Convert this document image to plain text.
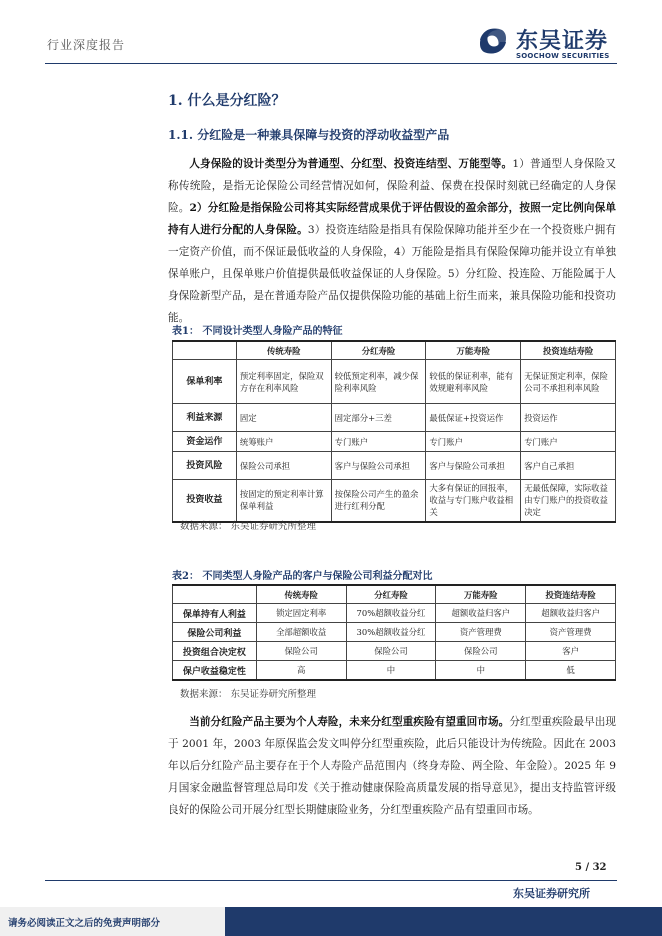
行业深度报告	东吴证券
SOOCHOW SECURITIES
1. 什么是分红险？
1.1. 分红险是一种兼具保障与投资的浮动收益型产品
人身保险的设计类型分为普通型、分红型、投资连结型、万能型等。1）普通型人身保险又称传统险，是指无论保险公司经营情况如何，保险利益、保费在投保时刻就已经确定的人身保险。2）分红险是指保险公司将其实际经营成果优于评估假设的盈余部分，按照一定比例向保单持有人进行分配的人身保险。3）投资连结险是指具有保险保障功能并至少在一个投资账户拥有一定资产价值，而不保证最低收益的人身保险，4）万能险是指具有保险保障功能并设立有单独保单账户，且保单账户价值提供最低收益保证的人身保险。5）分红险、投连险、万能险属于人身保险新型产品，是在普通寿险产品仅提供保险功能的基础上衍生而来，兼具保险功能和投资功能。
表1： 不同设计类型人身险产品的特征
	传统寿险	分红寿险	万能寿险	投资连结寿险
保单利率	预定利率固定，保险双方存在利率风险	较低预定利率，减少保险利率风险	较低的保证利率，能有效规避利率风险	无保证预定利率，保险公司不承担利率风险
利益来源	固定	固定部分+三差	最低保证+投资运作	投资运作
资金运作	统筹账户	专门账户	专门账户	专门账户
投资风险	保险公司承担	客户与保险公司承担	客户与保险公司承担	客户自己承担
投资收益	按固定的预定利率计算保单利益	按保险公司产生的盈余进行红利分配	大多有保证的回报率，收益与专门账户收益相关	无最低保障，实际收益由专门账户的投资收益决定
数据来源： 东吴证券研究所整理
表2： 不同类型人身险产品的客户与保险公司利益分配对比
	传统寿险	分红寿险	万能寿险	投资连结寿险
保单持有人利益	锁定固定利率	70%超额收益分红	超额收益归客户	超额收益归客户
保险公司利益	全部超额收益	30%超额收益分红	资产管理费	资产管理费
投资组合决定权	保险公司	保险公司	保险公司	客户
保户收益稳定性	高	中	中	低
数据来源： 东吴证券研究所整理
当前分红险产品主要为个人寿险，未来分红型重疾险有望重回市场。分红型重疾险最早出现于 2001 年，2003 年原保监会发文叫停分红型重疾险，此后只能设计为传统险。因此在 2003 年以后分红险产品主要存在于个人寿险产品范围内（终身寿险、两全险、年金险）。2025 年 9 月国家金融监督管理总局印发《关于推动健康保险高质量发展的指导意见》，提出支持监管评级良好的保险公司开展分红型长期健康险业务，分红型重疾险产品有望重回市场。
5 / 32
东吴证券研究所
请务必阅读正文之后的免责声明部分
